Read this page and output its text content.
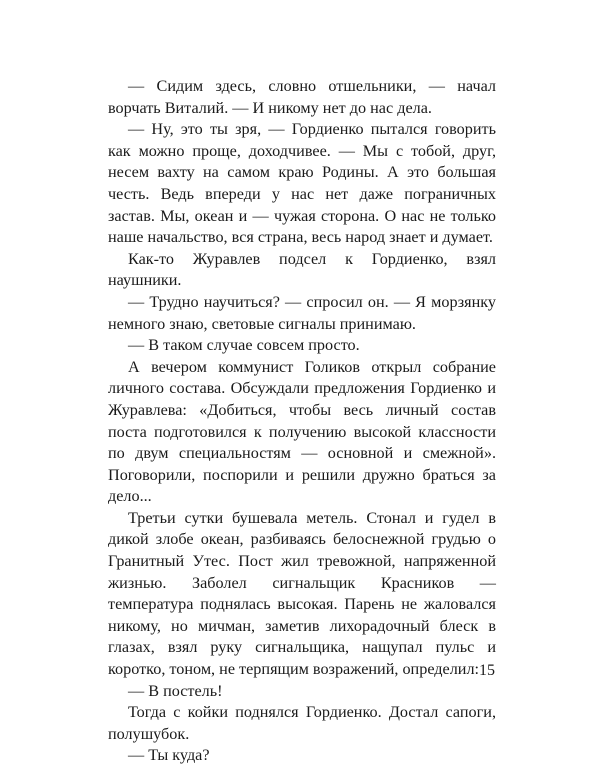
— Сидим здесь, словно отшельники, — начал ворчать Виталий. — И никому нет до нас дела.

— Ну, это ты зря, — Гордиенко пытался говорить как можно проще, доходчивее. — Мы с тобой, друг, несем вахту на самом краю Родины. А это большая честь. Ведь впереди у нас нет даже пограничных застав. Мы, океан и — чужая сторона. О нас не только наше начальство, вся страна, весь народ знает и думает.

Как-то Журавлев подсел к Гордиенко, взял наушники.

— Трудно научиться? — спросил он. — Я морзянку немного знаю, световые сигналы принимаю.

— В таком случае совсем просто.

А вечером коммунист Голиков открыл собрание личного состава. Обсуждали предложения Гордиенко и Журавлева: «Добиться, чтобы весь личный состав поста подготовился к получению высокой классности по двум специальностям — основной и смежной». Поговорили, поспорили и решили дружно браться за дело...

Третьи сутки бушевала метель. Стонал и гудел в дикой злобе океан, разбиваясь белоснежной грудью о Гранитный Утес. Пост жил тревожной, напряженной жизнью. Заболел сигнальщик Красников — температура поднялась высокая. Парень не жаловался никому, но мичман, заметив лихорадочный блеск в глазах, взял руку сигнальщика, нащупал пульс и коротко, тоном, не терпящим возражений, определил:

— В постель!

Тогда с койки поднялся Гордиенко. Достал сапоги, полушубок.

— Ты куда?

15
